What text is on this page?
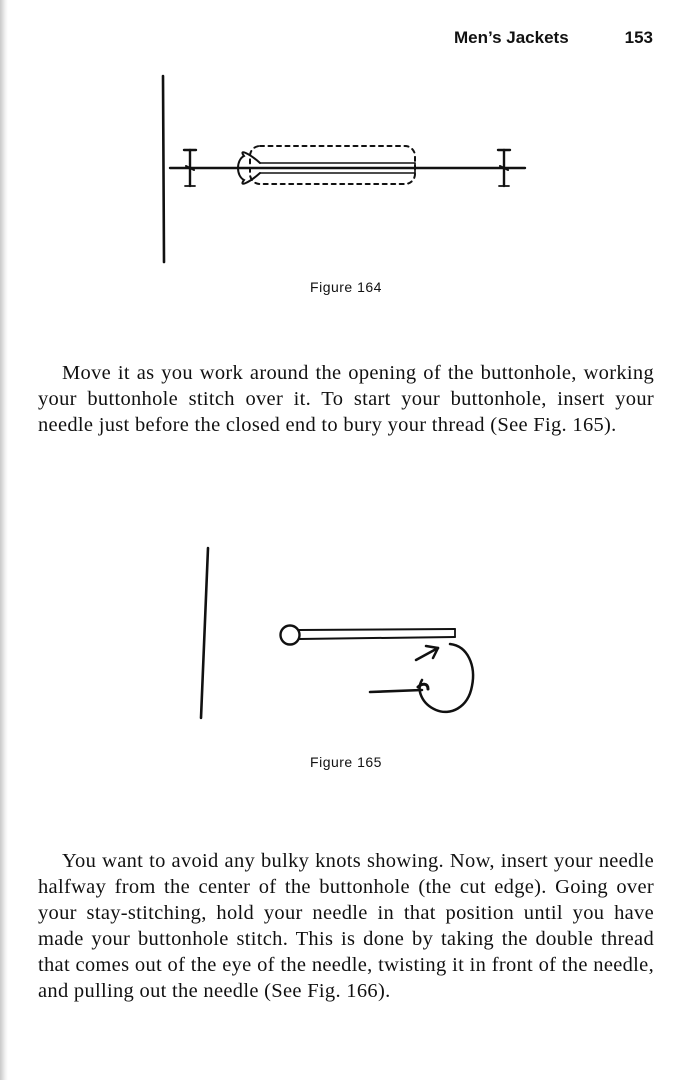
Men’s Jackets	153
Figure 164

Move it as you work around the opening of the buttonhole, working your buttonhole stitch over it. To start your buttonhole, insert your needle just before the closed end to bury your thread (See Fig. 165).

Figure 165

You want to avoid any bulky knots showing. Now, insert your needle halfway from the center of the buttonhole (the cut edge). Going over your stay-stitching, hold your needle in that position until you have made your buttonhole stitch. This is done by taking the double thread that comes out of the eye of the needle, twisting it in front of the needle, and pulling out the needle (See Fig. 166).
